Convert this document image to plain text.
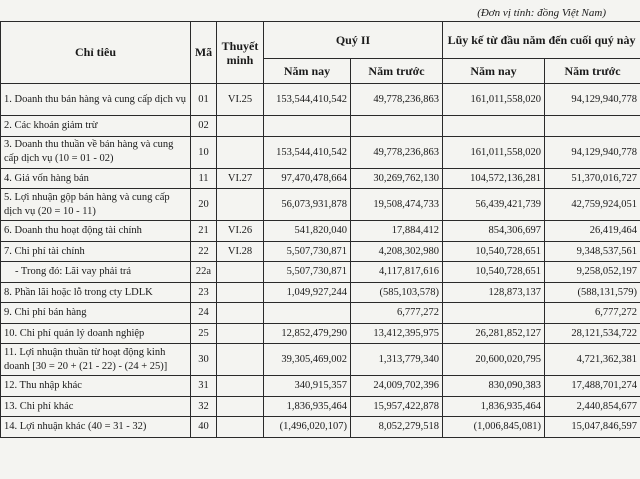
(Đơn vị tính: đồng Việt Nam)
Chỉ tiêu	Mã	Thuyết minh	Quý II		Lũy kế từ đầu năm đến cuối quý này	
			Năm nay	Năm trước	Năm nay	Năm trước
1. Doanh thu bán hàng và cung cấp dịch vụ	01	VI.25	153,544,410,542	49,778,236,863	161,011,558,020	94,129,940,778
2. Các khoản giảm trừ	02					
3. Doanh thu thuần về bán hàng và cung cấp dịch vụ (10 = 01 - 02)	10		153,544,410,542	49,778,236,863	161,011,558,020	94,129,940,778
4. Giá vốn hàng bán	11	VI.27	97,470,478,664	30,269,762,130	104,572,136,281	51,370,016,727
5. Lợi nhuận gộp bán hàng và cung cấp dịch vụ (20 = 10 - 11)	20		56,073,931,878	19,508,474,733	56,439,421,739	42,759,924,051
6. Doanh thu hoạt động tài chính	21	VI.26	541,820,040	17,884,412	854,306,697	26,419,464
7. Chi phí tài chính	22	VI.28	5,507,730,871	4,208,302,980	10,540,728,651	9,348,537,561
- Trong đó: Lãi vay phải trả	22a		5,507,730,871	4,117,817,616	10,540,728,651	9,258,052,197
8. Phần lãi hoặc lỗ trong cty LDLK	23		1,049,927,244	(585,103,578)	128,873,137	(588,131,579)
9. Chi phí bán hàng	24			6,777,272		6,777,272
10. Chi phí quản lý doanh nghiệp	25		12,852,479,290	13,412,395,975	26,281,852,127	28,121,534,722
11. Lợi nhuận thuần từ hoạt động kinh doanh [30 = 20 + (21 - 22) - (24 + 25)]	30		39,305,469,002	1,313,779,340	20,600,020,795	4,721,362,381
12. Thu nhập khác	31		340,915,357	24,009,702,396	830,090,383	17,488,701,274
13. Chi phí khác	32		1,836,935,464	15,957,422,878	1,836,935,464	2,440,854,677
14. Lợi nhuận khác (40 = 31 - 32)	40		(1,496,020,107)	8,052,279,518	(1,006,845,081)	15,047,846,597
